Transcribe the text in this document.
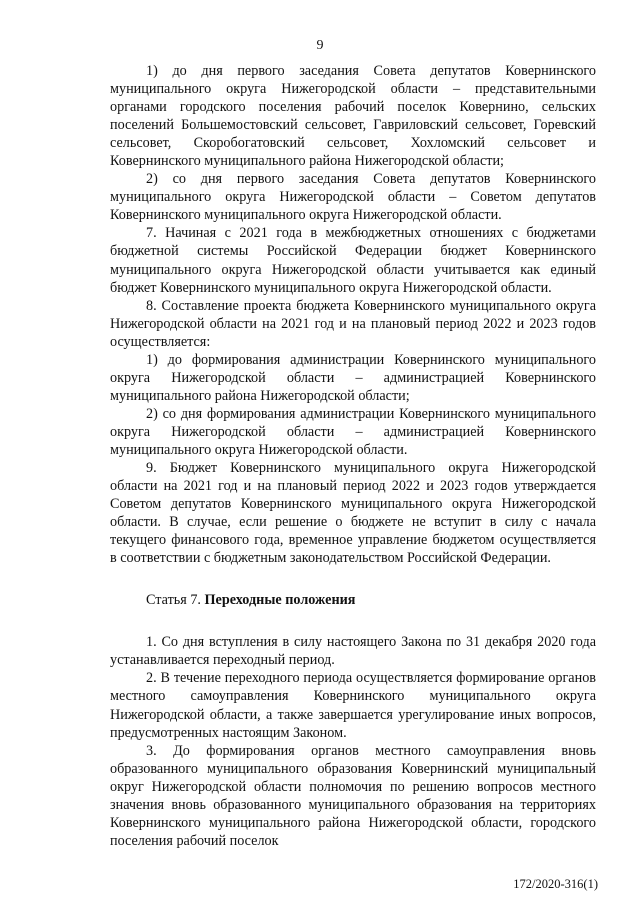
9

1) до дня первого заседания Совета депутатов Ковернинского муниципального округа Нижегородской области – представительными органами городского поселения рабочий поселок Ковернино, сельских поселений Большемостовский сельсовет, Гавриловский сельсовет, Горевский сельсовет, Скоробогатовский сельсовет, Хохломский сельсовет и Ковернинского муниципального района Нижегородской области;

2) со дня первого заседания Совета депутатов Ковернинского муниципального округа Нижегородской области – Советом депутатов Ковернинского муниципального округа Нижегородской области.

7. Начиная с 2021 года в межбюджетных отношениях с бюджетами бюджетной системы Российской Федерации бюджет Ковернинского муниципального округа Нижегородской области учитывается как единый бюджет Ковернинского муниципального округа Нижегородской области.

8. Составление проекта бюджета Ковернинского муниципального округа Нижегородской области на 2021 год и на плановый период 2022 и 2023 годов осуществляется:

1) до формирования администрации Ковернинского муниципального округа Нижегородской области – администрацией Ковернинского муниципального района Нижегородской области;

2) со дня формирования администрации Ковернинского муниципального округа Нижегородской области – администрацией Ковернинского муниципального округа Нижегородской области.

9. Бюджет Ковернинского муниципального округа Нижегородской области на 2021 год и на плановый период 2022 и 2023 годов утверждается Советом депутатов Ковернинского муниципального округа Нижегородской области. В случае, если решение о бюджете не вступит в силу с начала текущего финансового года, временное управление бюджетом осуществляется в соответствии с бюджетным законодательством Российской Федерации.

Статья 7. Переходные положения

1. Со дня вступления в силу настоящего Закона по 31 декабря 2020 года устанавливается переходный период.

2. В течение переходного периода осуществляется формирование органов местного самоуправления Ковернинского муниципального округа Нижегородской области, а также завершается урегулирование иных вопросов, предусмотренных настоящим Законом.

3. До формирования органов местного самоуправления вновь образованного муниципального образования Ковернинский муниципальный округ Нижегородской области полномочия по решению вопросов местного значения вновь образованного муниципального образования на территориях Ковернинского муниципального района Нижегородской области, городского поселения рабочий поселок

172/2020-316(1)
